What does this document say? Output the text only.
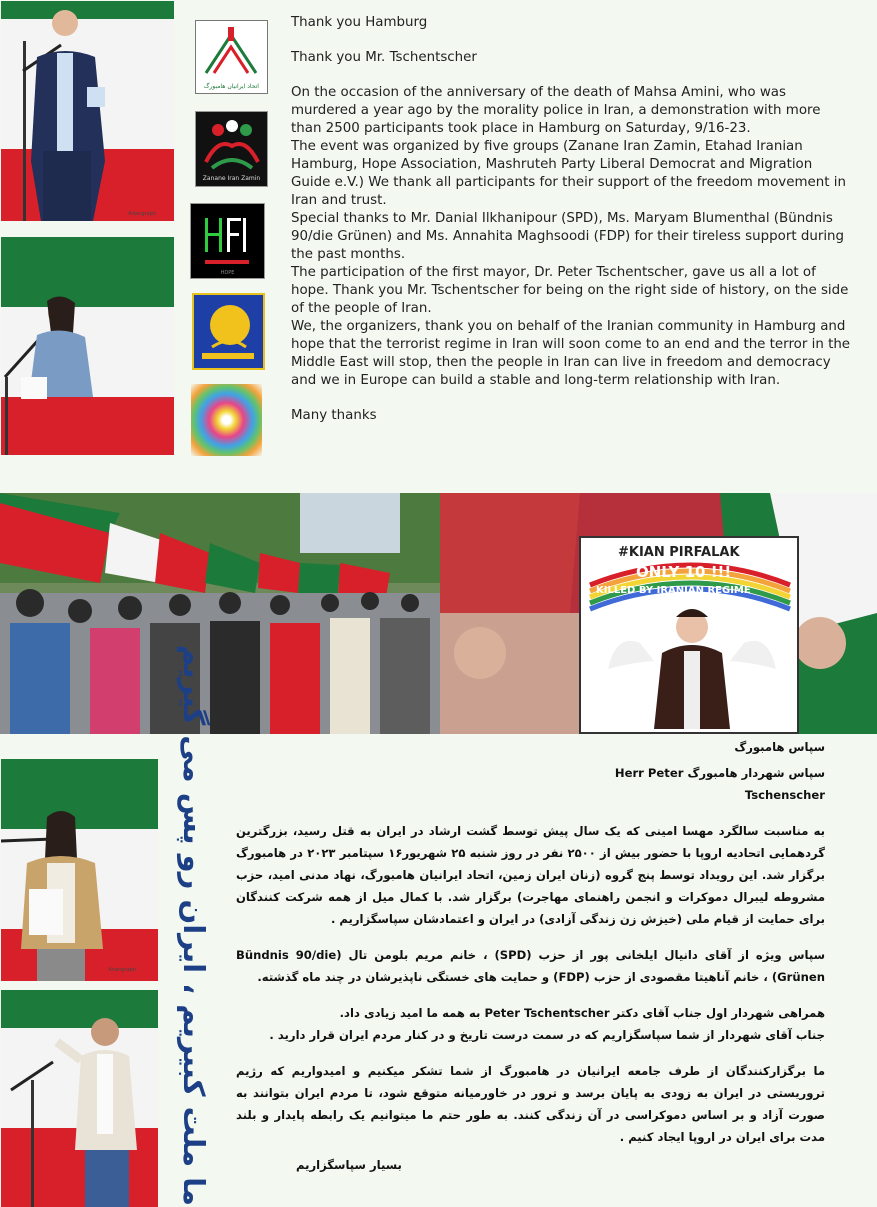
Ariangraph
اتحاد ایرانیان هامبورگ
Zanane Iran Zamin
HDPE

Thank you Hamburg

Thank you Mr. Tschentscher

On the occasion of the anniversary of the death of Mahsa Amini, who was murdered a year ago by the morality police in Iran, a demonstration with more than 2500 participants took place in Hamburg on Saturday, 9/16-23.

The event was organized by five groups (Zanane Iran Zamin, Etahad Iranian Hamburg, Hope Association, Mashruteh Party Liberal Democrat and Migration Guide e.V.) We thank all participants for their support of the freedom movement in Iran and trust.

Special thanks to Mr. Danial Ilkhanipour (SPD), Ms. Maryam Blumenthal (Bündnis 90/die Grünen) and Ms. Annahita Maghsoodi (FDP) for their tireless support during the past months.

The participation of the first mayor, Dr. Peter Tschentscher, gave us all a lot of hope. Thank you Mr. Tschentscher for being on the right side of history, on the side of the people of Iran.

We, the organizers, thank you on behalf of the Iranian community in Hamburg and hope that the terrorist regime in Iran will soon come to an end and the terror in the Middle East will stop, then the people in Iran can live in freedom and democracy and we in Europe can build a stable and long-term relationship with Iran.

Many thanks

#KIAN PIRFALAK
ONLY 10 !!!
KILLED BY IRANIAN REGIME
Ariangraph ما ملت کبیریم ، ایران رو پس می گیریم	سپاس هامبورگ
سپاس شهردار هامبورگ Herr Peter Tschenscher

به مناسبت سالگرد مهسا امینی که یک سال پیش توسط گشت ارشاد در ایران به قتل رسید، بزرگترین گردهمایی اتحادیه اروپا با حضور بیش از ۲۵۰۰ نفر در روز شنبه ۲۵ شهریور۱۶ سپتامبر ۲۰۲۳ در هامبورگ برگزار شد. این رویداد توسط پنج گروه (زنان ایران زمین، اتحاد ایرانیان هامبورگ، نهاد مدنی امید، حزب مشروطه لیبرال دموکرات و انجمن راهنمای مهاجرت) برگزار شد. با کمال میل از همه شرکت کنندگان برای حمایت از قیام ملی (خیزش زن زندگی آزادی) در ایران و اعتمادشان سپاسگزاریم .

سپاس ویژه از آقای دانیال ایلخانی پور از حزب (SPD) ، خانم مریم بلومن تال (Bündnis 90/die Grünen) ، خانم آناهیتا مقصودی از حزب (FDP) و حمایت های خستگی ناپذیرشان در چند ماه گذشته.

همراهی شهردار اول جناب آقای دکتر Peter Tschentscher به همه ما امید زیادی داد.

جناب آقای شهردار از شما سپاسگزاریم که در سمت درست تاریخ و در کنار مردم ایران قرار دارید .

ما برگزارکنندگان از طرف جامعه ایرانیان در هامبورگ از شما تشکر میکنیم و امیدواریم که رژیم تروریستی در ایران به زودی به پایان برسد و ترور در خاورمیانه متوقع شود، تا مردم ایران بتوانند به صورت آزاد و بر اساس دموکراسی در آن زندگی کنند. به طور حتم ما میتوانیم یک رابطه پایدار و بلند مدت برای ایران در اروپا ایجاد کنیم .

بسیار سپاسگزاریم
